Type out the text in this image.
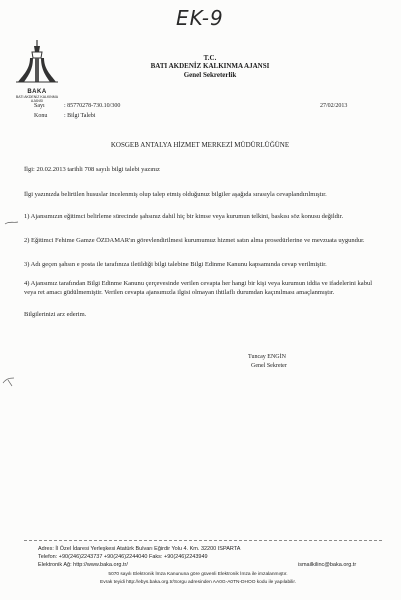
EK-9
BAKA
BATI AKDENİZ KALKINMA AJANSI
T.C.
BATI AKDENİZ KALKINMA AJANSI
Genel Sekreterlik
Sayı	: 85770278-730.10/300
Konu	: Bilgi Talebi
27/02/2013
KOSGEB ANTALYA HİZMET MERKEZİ MÜDÜRLÜĞÜNE
İlgi: 20.02.2013 tarihli 708 sayılı bilgi talebi yazınız
İlgi yazınızda belirtilen hususlar incelenmiş olup talep etmiş olduğunuz bilgiler aşağıda sırasıyla cevaplandırılmıştır.
1) Ajansımızın eğitimci belirleme sürecinde şahsınız dahil hiç bir kimse veya kurumun telkini, baskısı söz konusu değildir.
2) Eğitimci Fehime Gamze ÖZDAMAR'ın görevlendirilmesi kurumumuz hizmet satın alma prosedürlerine ve mevzuata uygundur.
3) Adı geçen şahsın e posta ile tarafınıza iletildiği bilgi talebine Bilgi Edinme Kanunu kapsamında cevap verilmiştir.
4) Ajansımız tarafından Bilgi Edinme Kanunu çerçevesinde verilen cevapta her hangi bir kişi veya kurumun iddia ve ifadelerini kabul veya ret amacı güdülmemiştir. Verilen cevapta ajansımızla ilgisi olmayan ihtilaflı durumdan kaçınılması amaçlanmıştır.
Bilgilerinizi arz ederim.
Tuncay ENGİN
Genel Sekreter
Adres: İl Özel İdaresi Yerleşkesi Atatürk Bulvarı Eğirdir Yolu 4. Km. 32200 ISPARTA
Telefon: +90(246)2243737 +90(246)2244040 Faks: +90(246)2243949
Elektronik Ağ: http://www.baka.org.tr/	ismailkilinc@baka.org.tr
5070 sayılı Elektronik İmza Kanununa göre güvenli Elektronik İmza ile imzalanmıştır.
Evrak teyidi http://ebys.baka.org.tr/Sorgu adresinden AA0G-A0TN-DHOO kodu ile yapılabilir.
